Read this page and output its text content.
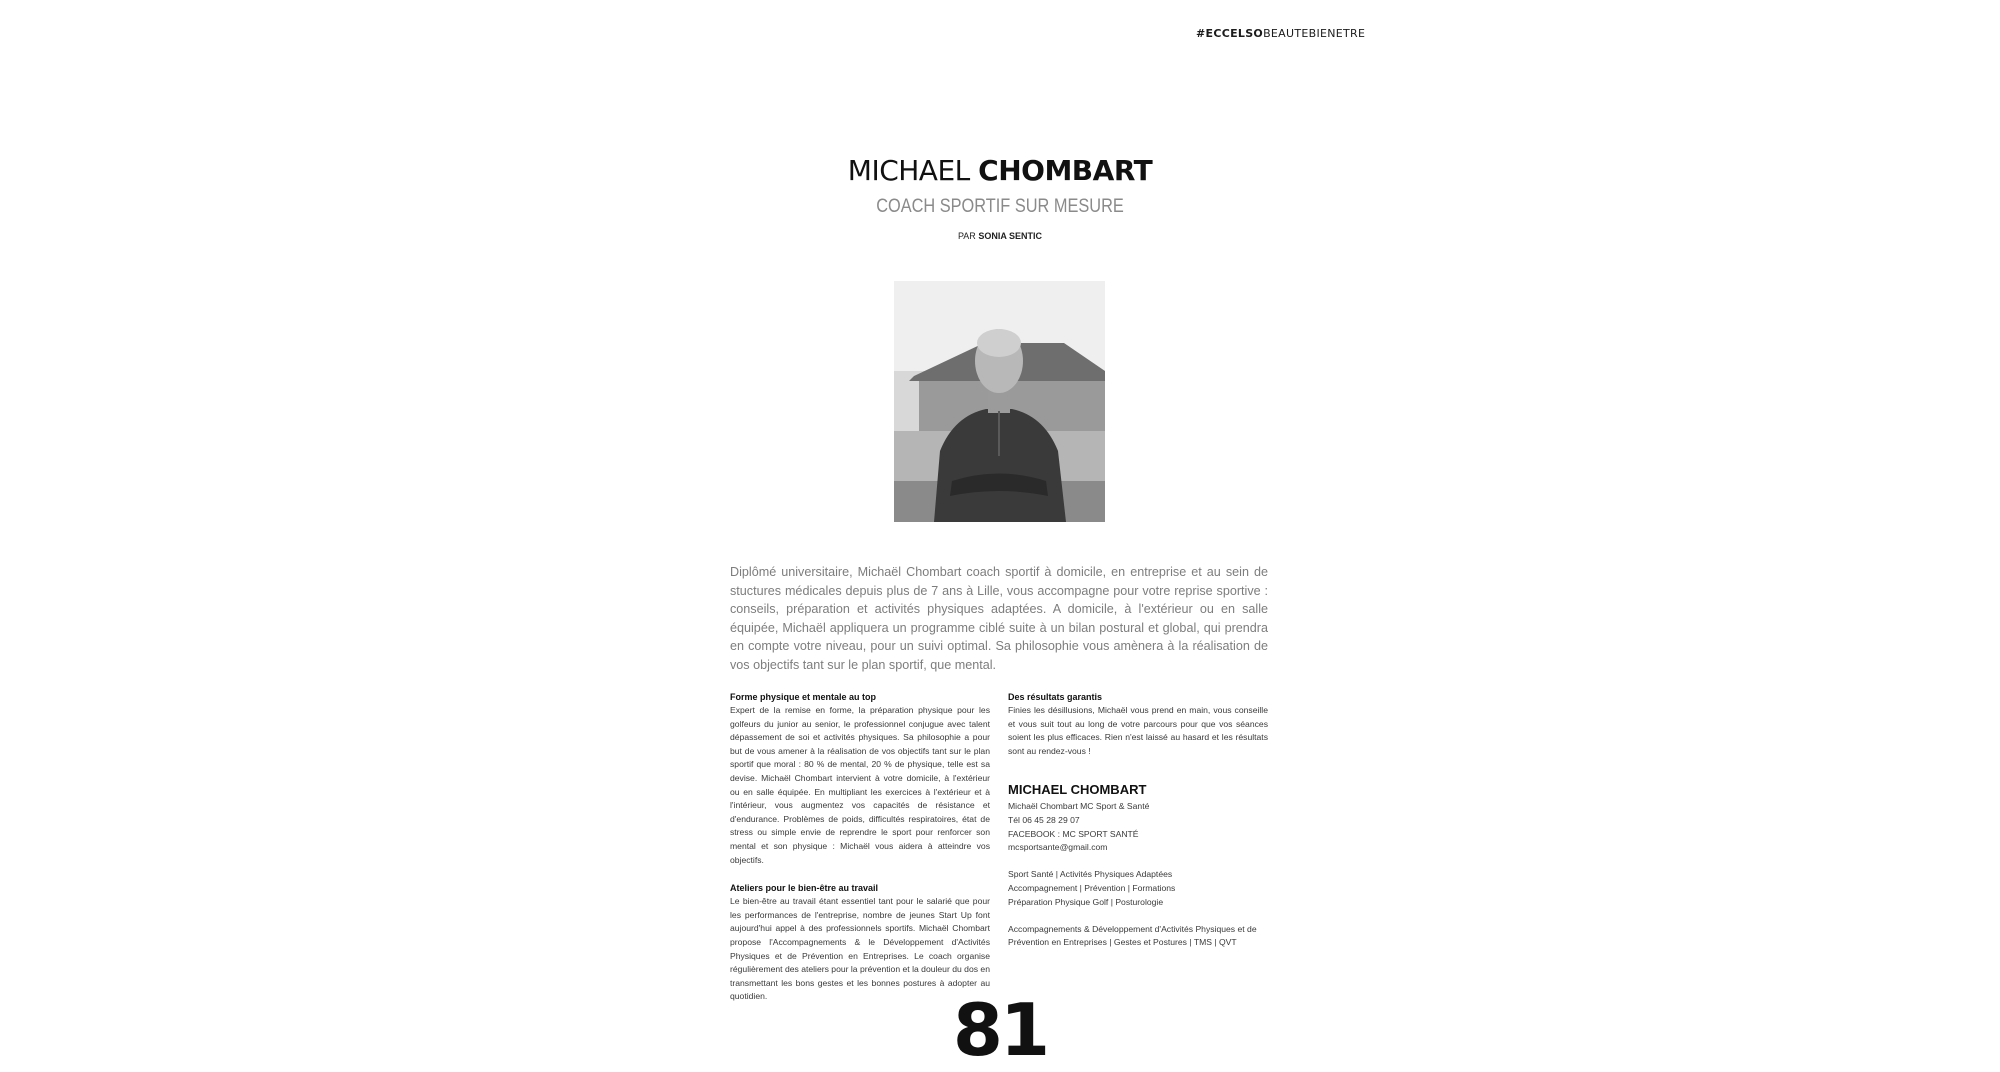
#ECCELSOBEAUTEBIENETRE
MICHAEL CHOMBART
COACH SPORTIF SUR MESURE
PAR SONIA SENTIC
Diplômé universitaire, Michaël Chombart coach sportif à domicile, en entreprise et au sein de stuctures médicales depuis plus de 7 ans à Lille, vous accompagne pour votre reprise sportive : conseils, préparation et activités physiques adaptées. A domicile, à l'extérieur ou en salle équipée, Michaël appliquera un programme ciblé suite à un bilan postural et global, qui prendra en compte votre niveau, pour un suivi optimal. Sa philosophie vous amènera à la réalisation de vos objectifs tant sur le plan sportif, que mental.
Forme physique et mentale au top

Expert de la remise en forme, la préparation physique pour les golfeurs du junior au senior, le professionnel conjugue avec talent dépassement de soi et activités physiques. Sa philosophie a pour but de vous amener à la réalisation de vos objectifs tant sur le plan sportif que moral : 80 % de mental, 20 % de physique, telle est sa devise. Michaël Chombart intervient à votre domicile, à l'extérieur ou en salle équipée. En multipliant les exercices à l'extérieur et à l'intérieur, vous augmentez vos capacités de résistance et d'endurance. Problèmes de poids, difficultés respiratoires, état de stress ou simple envie de reprendre le sport pour renforcer son mental et son physique : Michaël vous aidera à atteindre vos objectifs.

Ateliers pour le bien-être au travail

Le bien-être au travail étant essentiel tant pour le salarié que pour les performances de l'entreprise, nombre de jeunes Start Up font aujourd'hui appel à des professionnels sportifs. Michaël Chombart propose l'Accompagnements & le Développement d'Activités Physiques et de Prévention en Entreprises. Le coach organise régulièrement des ateliers pour la prévention et la douleur du dos en transmettant les bons gestes et les bonnes postures à adopter au quotidien.

Des résultats garantis

Finies les désillusions, Michaël vous prend en main, vous conseille et vous suit tout au long de votre parcours pour que vos séances soient les plus efficaces. Rien n'est laissé au hasard et les résultats sont au rendez-vous !

MICHAEL CHOMBART
Michaël Chombart MC Sport & Santé
Tél 06 45 28 29 07
FACEBOOK : MC SPORT SANTÉ
mcsportsante@gmail.com
Sport Santé | Activités Physiques Adaptées
Accompagnement | Prévention | Formations
Préparation Physique Golf | Posturologie
Accompagnements & Développement d'Activités Physiques et de Prévention en Entreprises | Gestes et Postures | TMS | QVT
81
